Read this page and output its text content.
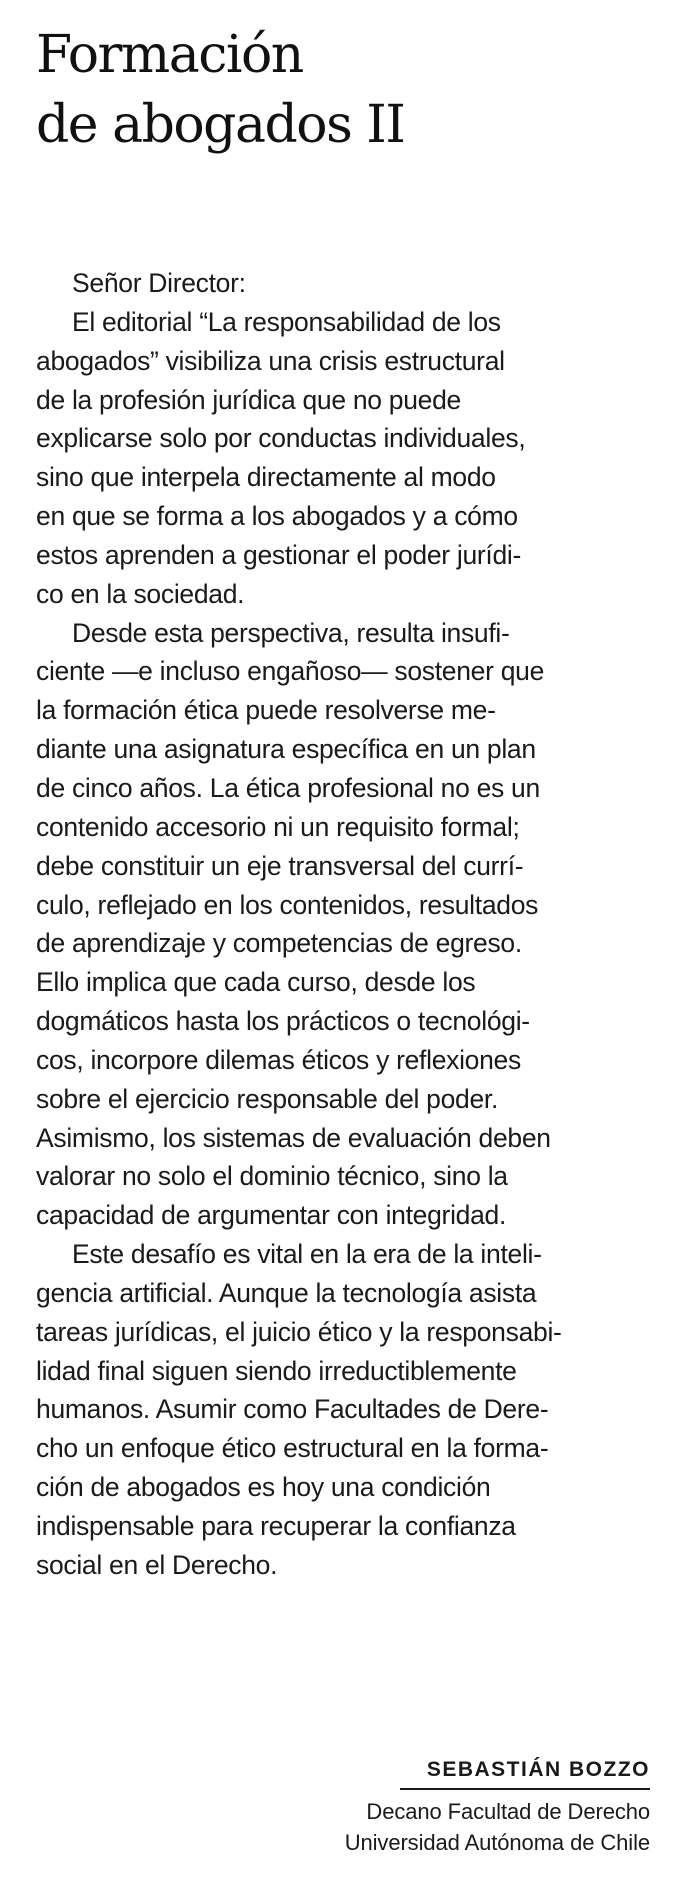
Formación
de abogados II
Señor Director:
El editorial “La responsabilidad de los
abogados” visibiliza una crisis estructural
de la profesión jurídica que no puede
explicarse solo por conductas individuales,
sino que interpela directamente al modo
en que se forma a los abogados y a cómo
estos aprenden a gestionar el poder jurídi-
co en la sociedad.
Desde esta perspectiva, resulta insufi-
ciente —e incluso engañoso— sostener que
la formación ética puede resolverse me-
diante una asignatura específica en un plan
de cinco años. La ética profesional no es un
contenido accesorio ni un requisito formal;
debe constituir un eje transversal del currí-
culo, reflejado en los contenidos, resultados
de aprendizaje y competencias de egreso.
Ello implica que cada curso, desde los
dogmáticos hasta los prácticos o tecnológi-
cos, incorpore dilemas éticos y reflexiones
sobre el ejercicio responsable del poder.
Asimismo, los sistemas de evaluación deben
valorar no solo el dominio técnico, sino la
capacidad de argumentar con integridad.
Este desafío es vital en la era de la inteli-
gencia artificial. Aunque la tecnología asista
tareas jurídicas, el juicio ético y la responsabi-
lidad final siguen siendo irreductiblemente
humanos. Asumir como Facultades de Dere-
cho un enfoque ético estructural en la forma-
ción de abogados es hoy una condición
indispensable para recuperar la confianza
social en el Derecho.
SEBASTIÁN BOZZO
Decano Facultad de Derecho
Universidad Autónoma de Chile
